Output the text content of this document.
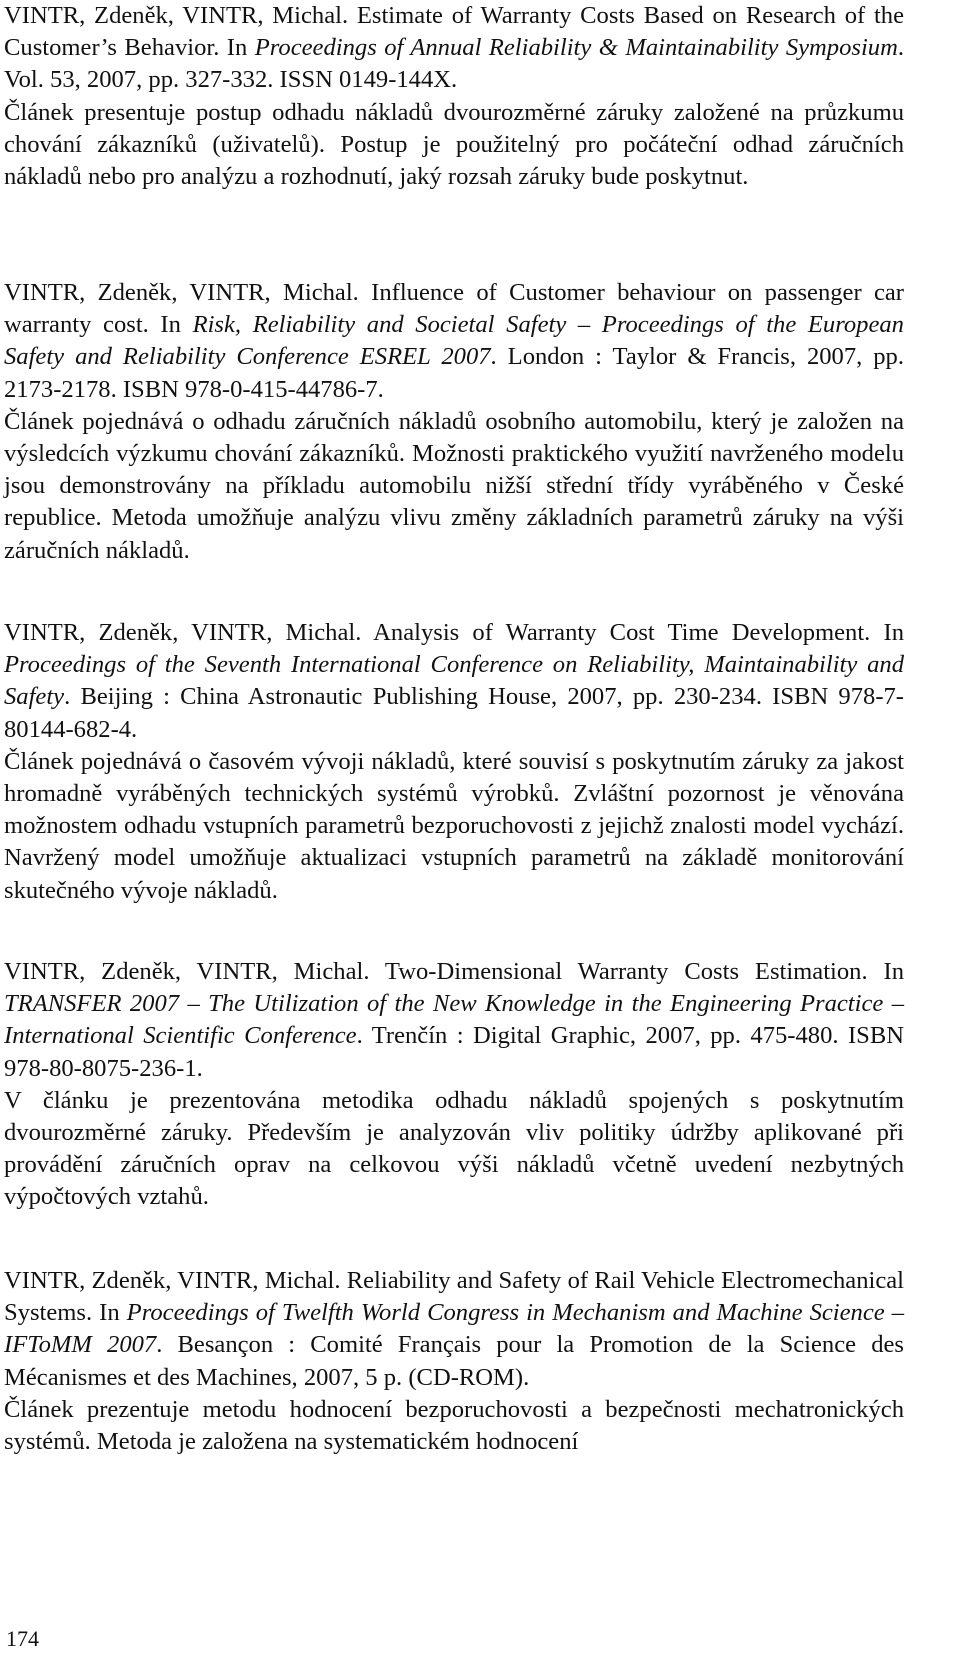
VINTR, Zdeněk, VINTR, Michal. Estimate of Warranty Costs Based on Research of the Customer’s Behavior. In Proceedings of Annual Reliability & Maintainability Symposium. Vol. 53, 2007, pp. 327-332. ISSN 0149-144X.
Článek presentuje postup odhadu nákladů dvourozměrné záruky založené na průzkumu chování zákazníků (uživatelů). Postup je použitelný pro počáteční odhad záručních nákladů nebo pro analýzu a rozhodnutí, jaký rozsah záruky bude poskytnut.
VINTR, Zdeněk, VINTR, Michal. Influence of Customer behaviour on passenger car warranty cost. In Risk, Reliability and Societal Safety – Proceedings of the European Safety and Reliability Conference ESREL 2007. London : Taylor & Francis, 2007, pp. 2173-2178. ISBN 978-0-415-44786-7.
Článek pojednává o odhadu záručních nákladů osobního automobilu, který je založen na výsledcích výzkumu chování zákazníků. Možnosti praktického využití navrženého modelu jsou demonstrovány na příkladu automobilu nižší střední třídy vyráběného v České republice. Metoda umožňuje analýzu vlivu změny základních parametrů záruky na výši záručních nákladů.
VINTR, Zdeněk, VINTR, Michal. Analysis of Warranty Cost Time Development. In Proceedings of the Seventh International Conference on Reliability, Maintainability and Safety. Beijing : China Astronautic Publishing House, 2007, pp. 230-234. ISBN 978-7-80144-682-4.
Článek pojednává o časovém vývoji nákladů, které souvisí s poskytnutím záruky za jakost hromadně vyráběných technických systémů výrobků. Zvláštní pozornost je věnována možnostem odhadu vstupních parametrů bezporuchovosti z jejichž znalosti model vychází. Navržený model umožňuje aktualizaci vstupních parametrů na základě monitorování skutečného vývoje nákladů.
VINTR, Zdeněk, VINTR, Michal. Two-Dimensional Warranty Costs Estimation. In TRANSFER 2007 – The Utilization of the New Knowledge in the Engineering Practice – International Scientific Conference. Trenčín : Digital Graphic, 2007, pp. 475-480. ISBN 978-80-8075-236-1.
V článku je prezentována metodika odhadu nákladů spojených s poskytnutím dvourozměrné záruky. Především je analyzován vliv politiky údržby aplikované při provádění záručních oprav na celkovou výši nákladů včetně uvedení nezbytných výpočtových vztahů.
VINTR, Zdeněk, VINTR, Michal. Reliability and Safety of Rail Vehicle Electromechanical Systems. In Proceedings of Twelfth World Congress in Mechanism and Machine Science – IFToMM 2007. Besançon : Comité Français pour la Promotion de la Science des Mécanismes et des Machines, 2007, 5 p. (CD-ROM).
Článek prezentuje metodu hodnocení bezporuchovosti a bezpečnosti mechatronických systémů. Metoda je založena na systematickém hodnocení
174
